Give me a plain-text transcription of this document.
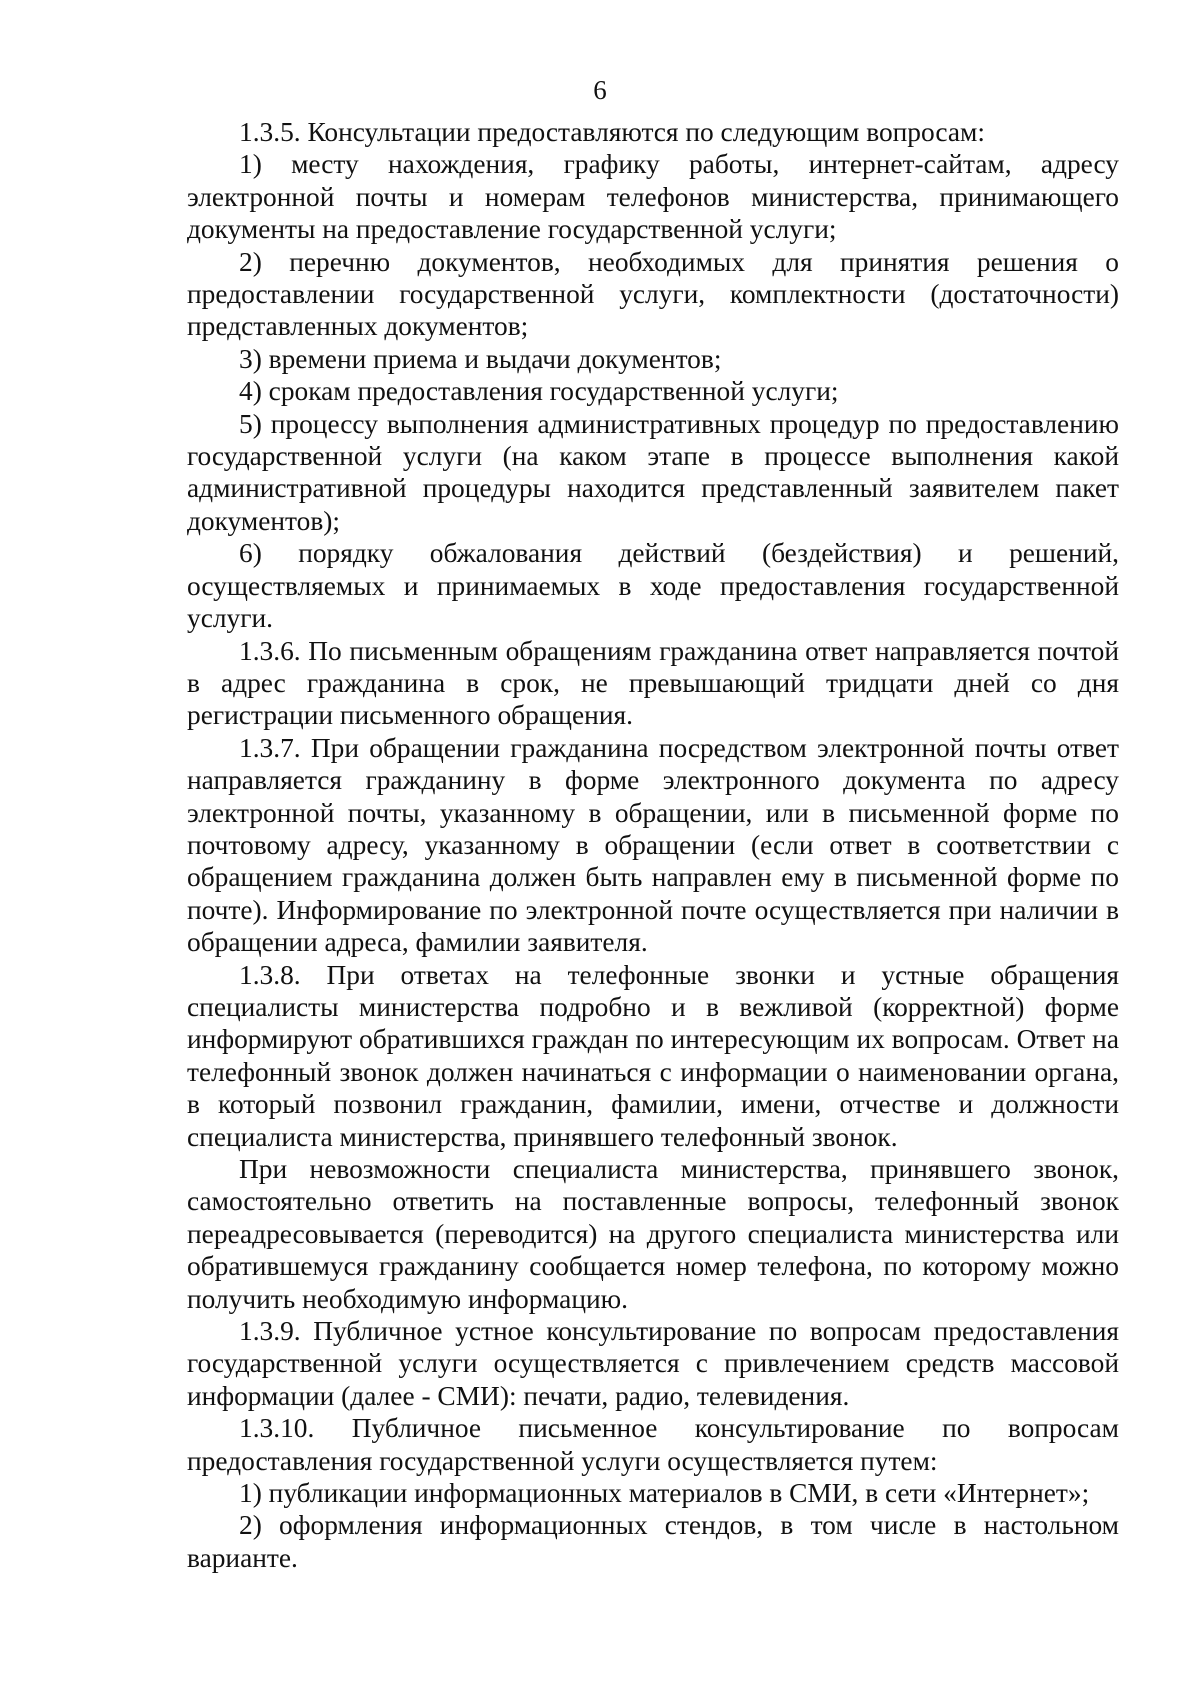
6

1.3.5. Консультации предоставляются по следующим вопросам:

1) месту нахождения, графику работы, интернет-сайтам, адресу электронной почты и номерам телефонов министерства, принимающего документы на предоставление государственной услуги;

2) перечню документов, необходимых для принятия решения о предоставлении государственной услуги, комплектности (достаточности) представленных документов;

3) времени приема и выдачи документов;

4) срокам предоставления государственной услуги;

5) процессу выполнения административных процедур по предоставлению государственной услуги (на каком этапе в процессе выполнения какой административной процедуры находится представленный заявителем пакет документов);

6) порядку обжалования действий (бездействия) и решений, осуществляемых и принимаемых в ходе предоставления государственной услуги.

1.3.6. По письменным обращениям гражданина ответ направляется почтой в адрес гражданина в срок, не превышающий тридцати дней со дня регистрации письменного обращения.

1.3.7. При обращении гражданина посредством электронной почты ответ направляется гражданину в форме электронного документа по адресу электронной почты, указанному в обращении, или в письменной форме по почтовому адресу, указанному в обращении (если ответ в соответствии с обращением гражданина должен быть направлен ему в письменной форме по почте). Информирование по электронной почте осуществляется при наличии в обращении адреса, фамилии заявителя.

1.3.8. При ответах на телефонные звонки и устные обращения специалисты министерства подробно и в вежливой (корректной) форме информируют обратившихся граждан по интересующим их вопросам. Ответ на телефонный звонок должен начинаться с информации о наименовании органа, в который позвонил гражданин, фамилии, имени, отчестве и должности специалиста министерства, принявшего телефонный звонок.

При невозможности специалиста министерства, принявшего звонок, самостоятельно ответить на поставленные вопросы, телефонный звонок переадресовывается (переводится) на другого специалиста министерства или обратившемуся гражданину сообщается номер телефона, по которому можно получить необходимую информацию.

1.3.9. Публичное устное консультирование по вопросам предоставления государственной услуги осуществляется с привлечением средств массовой информации (далее - СМИ): печати, радио, телевидения.

1.3.10. Публичное письменное консультирование по вопросам предоставления государственной услуги осуществляется путем:

1) публикации информационных материалов в СМИ, в сети «Интернет»;

2) оформления информационных стендов, в том числе в настольном варианте.
